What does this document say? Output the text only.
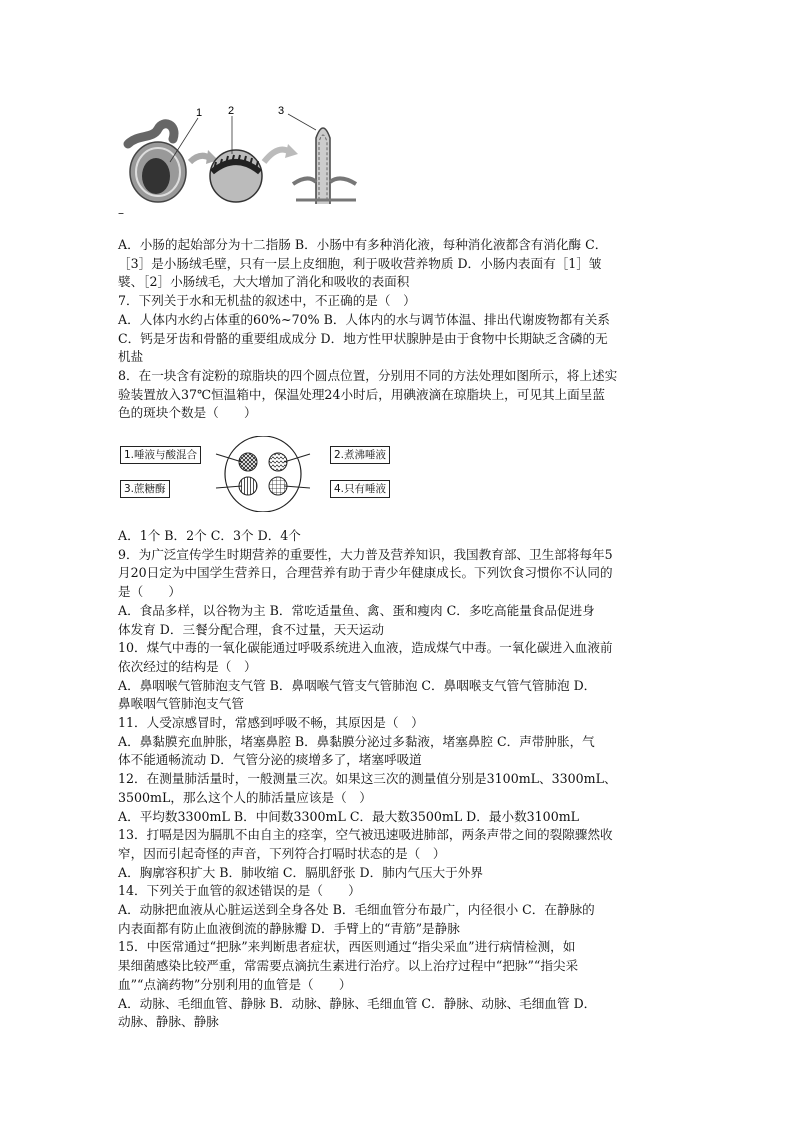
1 2	3
–

A．小肠的起始部分为十二指肠 B．小肠中有多种消化液，每种消化液都含有消化酶 C．

［3］是小肠绒毛壁，只有一层上皮细胞，利于吸收营养物质 D．小肠内表面有［1］皱

襞、［2］小肠绒毛，大大增加了消化和吸收的表面积

7．下列关于水和无机盐的叙述中，不正确的是（　）

A．人体内水约占体重的60%~70% B．人体内的水与调节体温、排出代谢废物都有关系

C．钙是牙齿和骨骼的重要组成成分 D．地方性甲状腺肿是由于食物中长期缺乏含磷的无

机盐

8．在一块含有淀粉的琼脂块的四个圆点位置，分别用不同的方法处理如图所示，将上述实

验装置放入37℃恒温箱中，保温处理24小时后，用碘液滴在琼脂块上，可见其上面呈蓝

色的斑块个数是（　　）

1.唾液与酸混合	2.煮沸唾液
3.蔗糖酶	4.只有唾液

A．1个 B．2个 C．3个 D．4个

9．为广泛宣传学生时期营养的重要性，大力普及营养知识，我国教育部、卫生部将每年5

月20日定为中国学生营养日，合理营养有助于青少年健康成长。下列饮食习惯你不认同的

是（　　）

A．食品多样，以谷物为主 B．常吃适量鱼、禽、蛋和瘦肉 C．多吃高能量食品促进身

体发育 D．三餐分配合理，食不过量，天天运动

10．煤气中毒的一氧化碳能通过呼吸系统进入血液，造成煤气中毒。一氧化碳进入血液前

依次经过的结构是（　）

A．鼻咽喉气管肺泡支气管 B．鼻咽喉气管支气管肺泡 C．鼻咽喉支气管气管肺泡 D．

鼻喉咽气管肺泡支气管

11．人受凉感冒时，常感到呼吸不畅，其原因是（　）

A．鼻黏膜充血肿胀，堵塞鼻腔 B．鼻黏膜分泌过多黏液，堵塞鼻腔 C．声带肿胀，气

体不能通畅流动 D．气管分泌的痰增多了，堵塞呼吸道

12．在测量肺活量时，一般测量三次。如果这三次的测量值分别是3100mL、3300mL、

3500mL，那么这个人的肺活量应该是（　）

A．平均数3300mL B．中间数3300mL C．最大数3500mL D．最小数3100mL

13．打嗝是因为膈肌不由自主的痉挛，空气被迅速吸进肺部，两条声带之间的裂隙骤然收

窄，因而引起奇怪的声音，下列符合打嗝时状态的是（　）

A．胸廓容积扩大 B．肺收缩 C．膈肌舒张 D．肺内气压大于外界

14．下列关于血管的叙述错误的是（　　）

A．动脉把血液从心脏运送到全身各处 B．毛细血管分布最广，内径很小 C．在静脉的

内表面都有防止血液倒流的静脉瓣 D．手臂上的“青筋”是静脉

15．中医常通过“把脉”来判断患者症状，西医则通过“指尖采血”进行病情检测，如

果细菌感染比较严重，常需要点滴抗生素进行治疗。以上治疗过程中“把脉”“指尖采

血”“点滴药物”分别利用的血管是（　　）

A．动脉、毛细血管、静脉 B．动脉、静脉、毛细血管 C．静脉、动脉、毛细血管 D．

动脉、静脉、静脉
